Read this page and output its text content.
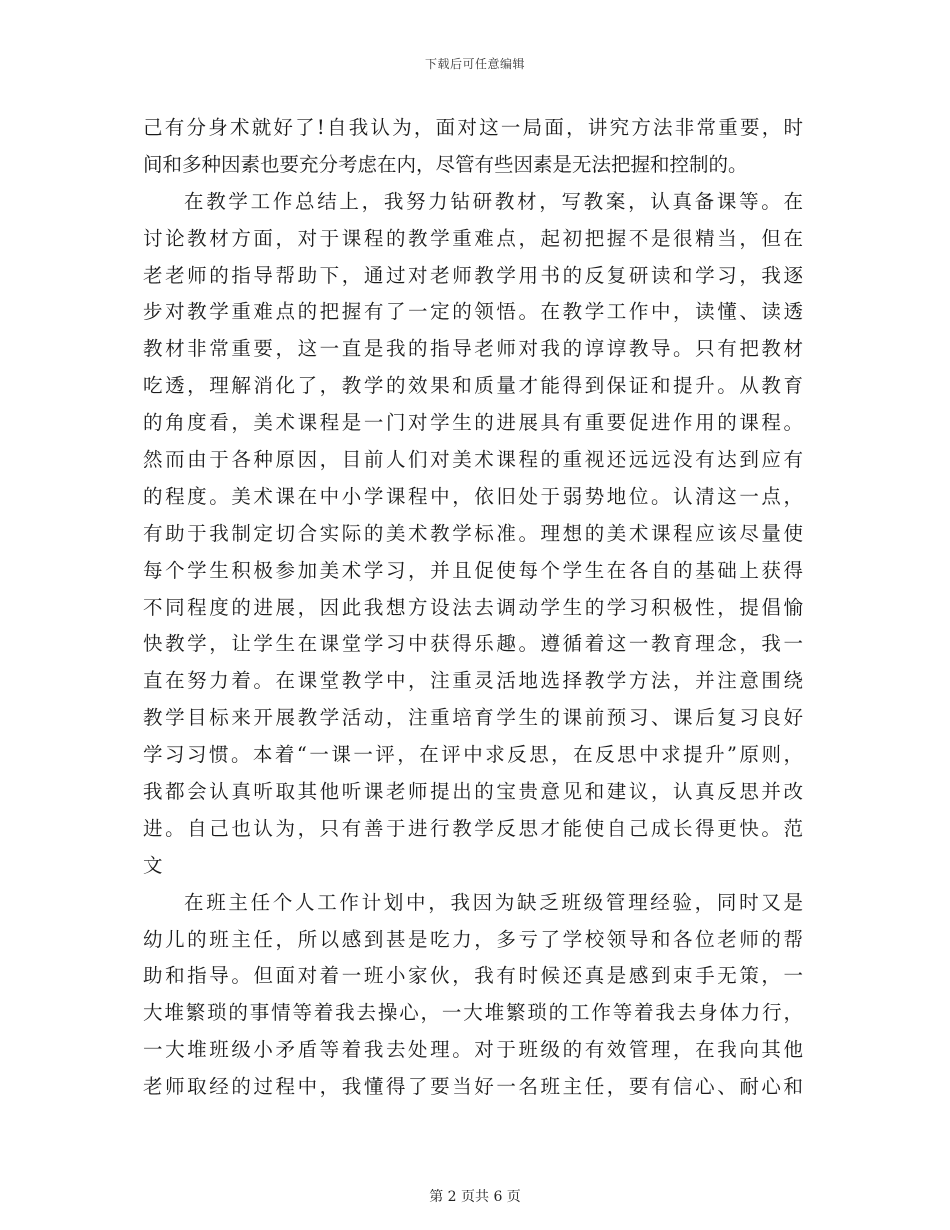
下载后可任意编辑
己有分身术就好了!自我认为，面对这一局面，讲究方法非常重要，时
间和多种因素也要充分考虑在内，尽管有些因素是无法把握和控制的。
在教学工作总结上，我努力钻研教材，写教案，认真备课等。在
讨论教材方面，对于课程的教学重难点，起初把握不是很精当，但在
老老师的指导帮助下，通过对老师教学用书的反复研读和学习，我逐
步对教学重难点的把握有了一定的领悟。在教学工作中，读懂、读透
教材非常重要，这一直是我的指导老师对我的谆谆教导。只有把教材
吃透，理解消化了，教学的效果和质量才能得到保证和提升。从教育
的角度看，美术课程是一门对学生的进展具有重要促进作用的课程。
然而由于各种原因，目前人们对美术课程的重视还远远没有达到应有
的程度。美术课在中小学课程中，依旧处于弱势地位。认清这一点，
有助于我制定切合实际的美术教学标准。理想的美术课程应该尽量使
每个学生积极参加美术学习，并且促使每个学生在各自的基础上获得
不同程度的进展，因此我想方设法去调动学生的学习积极性，提倡愉
快教学，让学生在课堂学习中获得乐趣。遵循着这一教育理念，我一
直在努力着。在课堂教学中，注重灵活地选择教学方法，并注意围绕
教学目标来开展教学活动，注重培育学生的课前预习、课后复习良好
学习习惯。本着“一课一评，在评中求反思，在反思中求提升”原则，
我都会认真听取其他听课老师提出的宝贵意见和建议，认真反思并改
进。自己也认为，只有善于进行教学反思才能使自己成长得更快。范
文
在班主任个人工作计划中，我因为缺乏班级管理经验，同时又是
幼儿的班主任，所以感到甚是吃力，多亏了学校领导和各位老师的帮
助和指导。但面对着一班小家伙，我有时候还真是感到束手无策，一
大堆繁琐的事情等着我去操心，一大堆繁琐的工作等着我去身体力行，
一大堆班级小矛盾等着我去处理。对于班级的有效管理，在我向其他
老师取经的过程中，我懂得了要当好一名班主任，要有信心、耐心和
第 2 页共 6 页
